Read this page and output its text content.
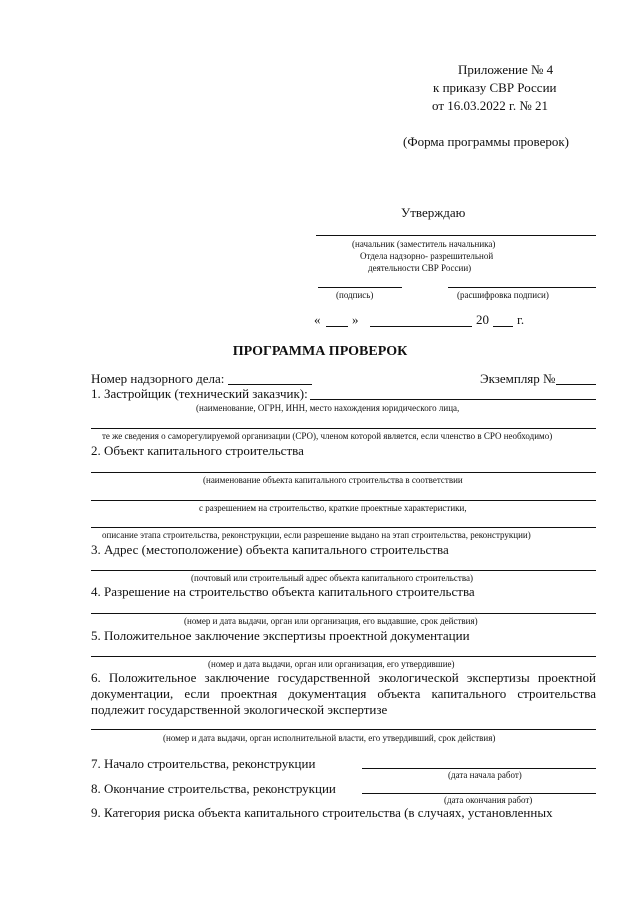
Приложение № 4
к приказу СВР России
от 16.03.2022 г. № 21
(Форма программы проверок)
Утверждаю
(начальник (заместитель начальника)
Отдела надзорно- разрешительной
деятельности СВР России)
(подпись)	(расшифровка подписи)
« »	20 г.
ПРОГРАММА ПРОВЕРОК
Номер надзорного дела:	Экземпляр №
1. Застройщик (технический заказчик):
(наименование, ОГРН, ИНН, место нахождения юридического лица,
те же сведения о саморегулируемой организации (СРО), членом которой является, если членство в СРО необходимо)
2. Объект капитального строительства
(наименование объекта капитального строительства в соответствии
с разрешением на строительство, краткие проектные характеристики,
описание этапа строительства, реконструкции, если разрешение выдано на этап строительства, реконструкции)
3. Адрес (местоположение) объекта капитального строительства
(почтовый или строительный адрес объекта капитального строительства)
4. Разрешение на строительство объекта капитального строительства
(номер и дата выдачи, орган или организация, его выдавшие, срок действия)
5. Положительное заключение экспертизы проектной документации
(номер и дата выдачи, орган или организация, его утвердившие)
6. Положительное заключение государственной экологической экспертизы проектной документации, если проектная документация объекта капитального строительства подлежит государственной экологической экспертизе
(номер и дата выдачи, орган исполнительной власти, его утвердивший, срок действия)
7. Начало строительства, реконструкции
(дата начала работ)
8. Окончание строительства, реконструкции
(дата окончания работ)
9. Категория риска объекта капитального строительства (в случаях, установленных
